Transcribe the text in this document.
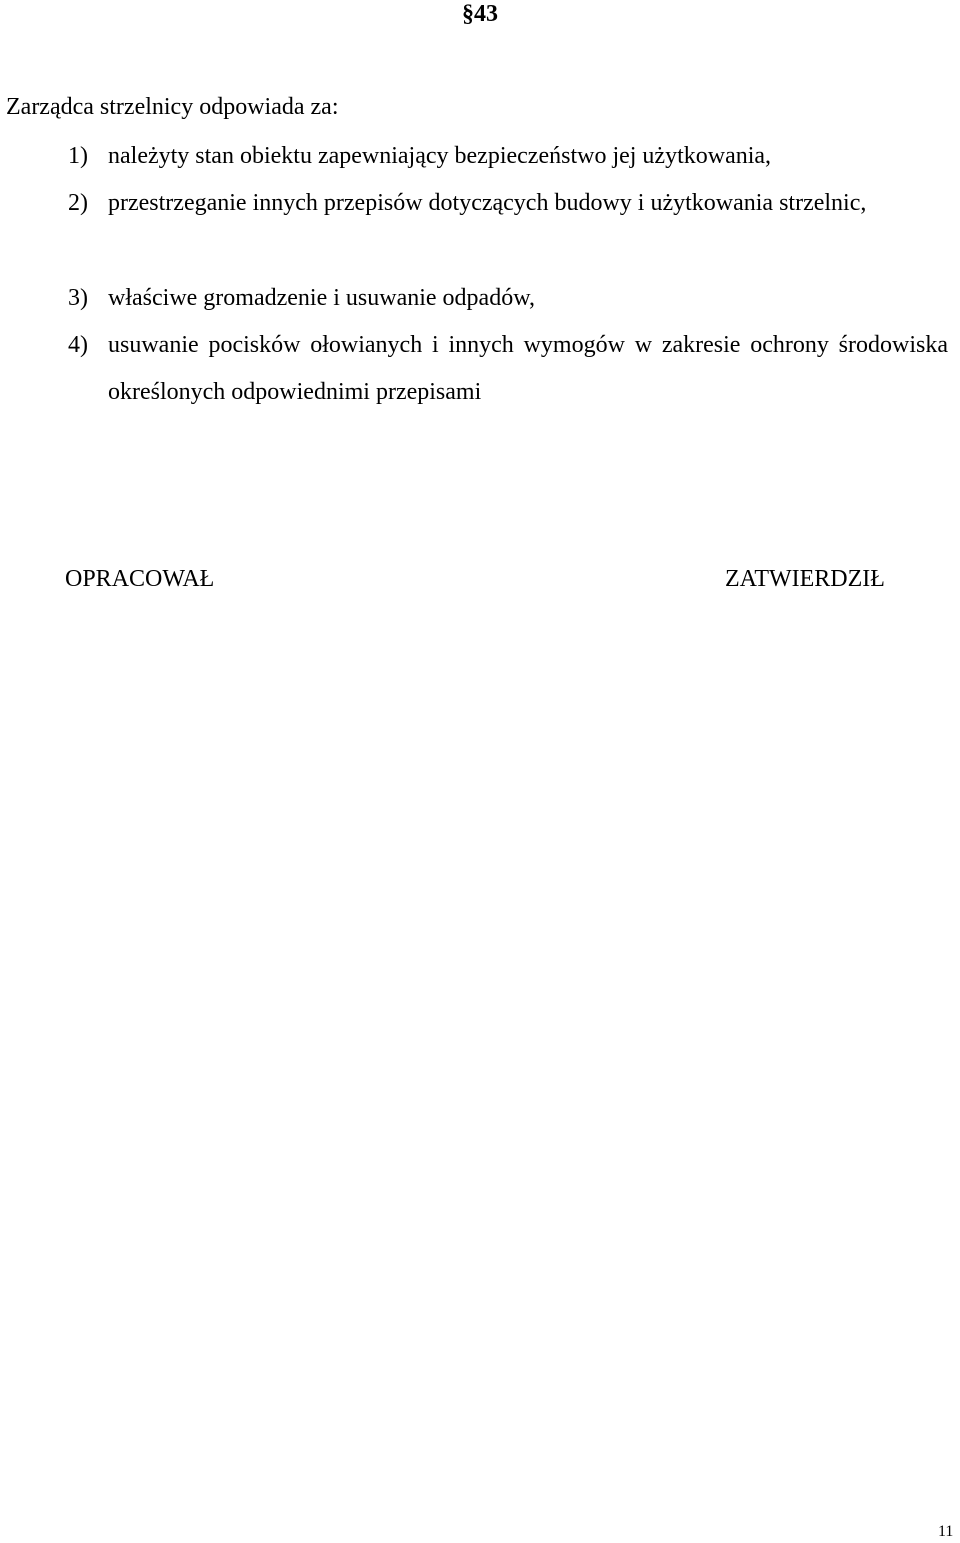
§43
Zarządca strzelnicy odpowiada za:
1) należyty stan obiektu zapewniający bezpieczeństwo jej użytkowania,
2) przestrzeganie innych przepisów dotyczących budowy i użytkowania strzelnic,
3) właściwe gromadzenie i usuwanie odpadów,
4) usuwanie pocisków ołowianych i innych wymogów w zakresie ochrony środowiska określonych odpowiednimi przepisami
OPRACOWAŁ	ZATWIERDZIŁ
11
